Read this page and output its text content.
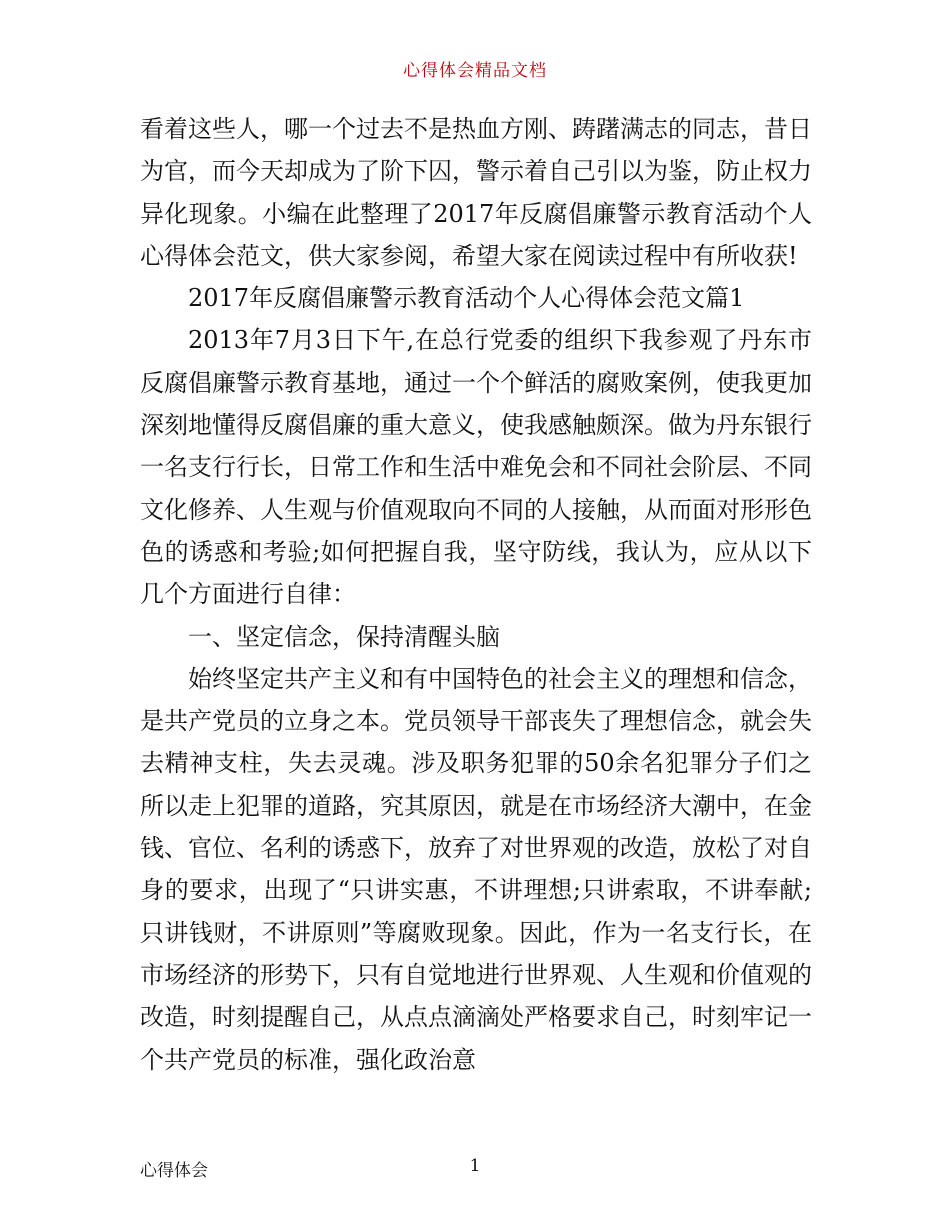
心得体会精品文档

看着这些人，哪一个过去不是热血方刚、踌躇满志的同志，昔日为官，而今天却成为了阶下囚，警示着自己引以为鉴，防止权力异化现象。小编在此整理了2017年反腐倡廉警示教育活动个人心得体会范文，供大家参阅，希望大家在阅读过程中有所收获!

2017年反腐倡廉警示教育活动个人心得体会范文篇1

2013年7月3日下午,在总行党委的组织下我参观了丹东市反腐倡廉警示教育基地，通过一个个鲜活的腐败案例，使我更加深刻地懂得反腐倡廉的重大意义，使我感触颇深。做为丹东银行一名支行行长，日常工作和生活中难免会和不同社会阶层、不同文化修养、人生观与价值观取向不同的人接触，从而面对形形色色的诱惑和考验;如何把握自我，坚守防线，我认为，应从以下几个方面进行自律：

一、坚定信念，保持清醒头脑

始终坚定共产主义和有中国特色的社会主义的理想和信念，是共产党员的立身之本。党员领导干部丧失了理想信念，就会失去精神支柱，失去灵魂。涉及职务犯罪的50余名犯罪分子们之所以走上犯罪的道路，究其原因，就是在市场经济大潮中，在金钱、官位、名利的诱惑下，放弃了对世界观的改造，放松了对自身的要求，出现了“只讲实惠，不讲理想;只讲索取，不讲奉献;只讲钱财，不讲原则”等腐败现象。因此，作为一名支行长，在市场经济的形势下，只有自觉地进行世界观、人生观和价值观的改造，时刻提醒自己，从点点滴滴处严格要求自己，时刻牢记一个共产党员的标准，强化政治意

心得体会	1
